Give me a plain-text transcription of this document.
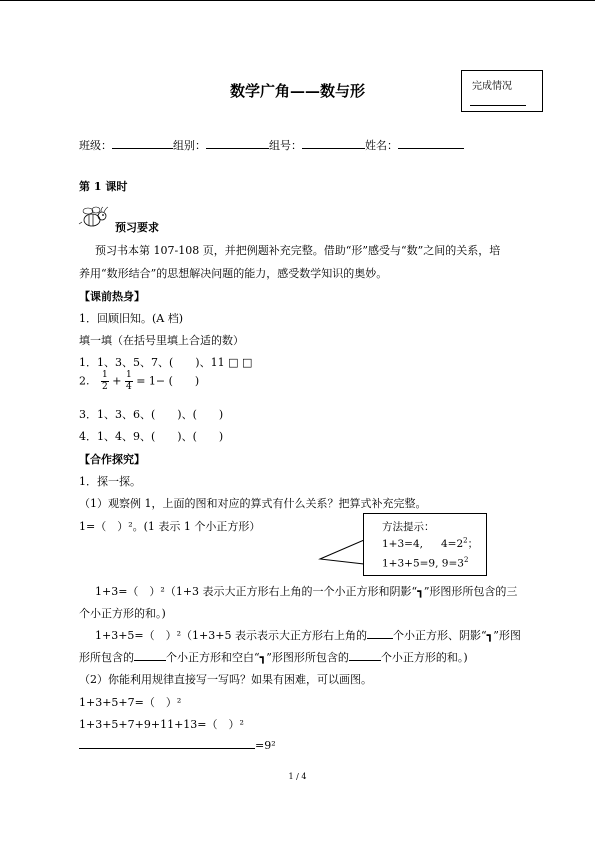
数学广角——数与形	完成情况
班级：	组别：	组号：	姓名：
第 1 课时
预习要求
预习书本第 107-108 页，并把例题补充完整。借助“形”感受与“数”之间的关系，培
养用“数形结合”的思想解决问题的能力，感受数学知识的奥妙。
【课前热身】
1．回顾旧知。(A 档)
填一填（在括号里填上合适的数）
1．1、3、5、7、(　　)、11 □ □
2. $\frac{1}{2} + \frac{1}{4} = 1-$ (　　)
3．1、3、6、(　　)、(　　)
4．1、4、9、(　　)、(　　)
【合作探究】
1．探一探。
（1）观察例 1，上面的图和对应的算式有什么关系？把算式补充完整。
1=（　）²。(1 表示 1 个小正方形）	方法提示：
1+3=4, $4=2^2$；
1+3+5=9, $9=3^2$
1+3=（　）²（1+3 表示大正方形右上角的一个小正方形和阴影“┓”形图形所包含的三
个小正方形的和。)
1+3+5=（　）²（1+3+5 表示表示大正方形右上角的 个小正方形、阴影“┓”形图
形所包含的	个小正方形和空白“┓”形图形所包含的	个小正方形的和。)
（2）你能利用规律直接写一写吗？如果有困难，可以画图。
1+3+5+7=（　）²
1+3+5+7+9+11+13=（　）²
=9²
1 / 4
